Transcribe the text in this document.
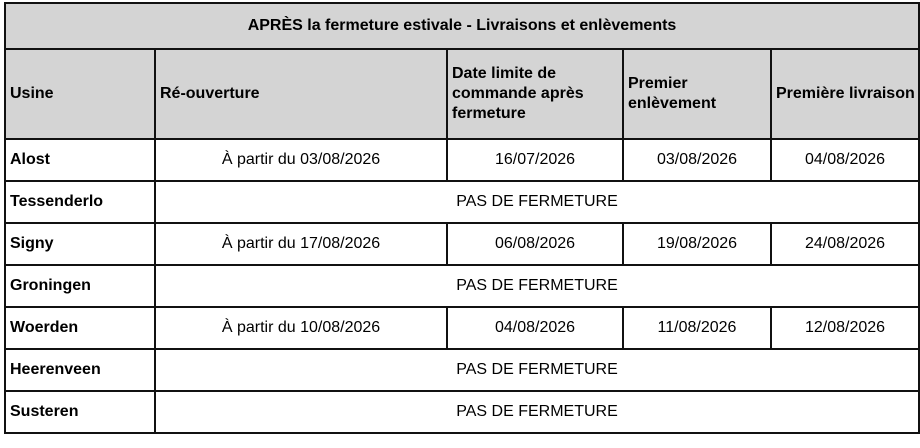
APRÈS la fermeture estivale - Livraisons et enlèvements				
Usine	Ré-ouverture	Date limite de commande après fermeture	Premier enlèvement	Première livraison
Alost	À partir du 03/08/2026	16/07/2026	03/08/2026	04/08/2026
Tessenderlo	PAS DE FERMETURE			
Signy	À partir du 17/08/2026	06/08/2026	19/08/2026	24/08/2026
Groningen	PAS DE FERMETURE			
Woerden	À partir du 10/08/2026	04/08/2026	11/08/2026	12/08/2026
Heerenveen	PAS DE FERMETURE			
Susteren	PAS DE FERMETURE			
